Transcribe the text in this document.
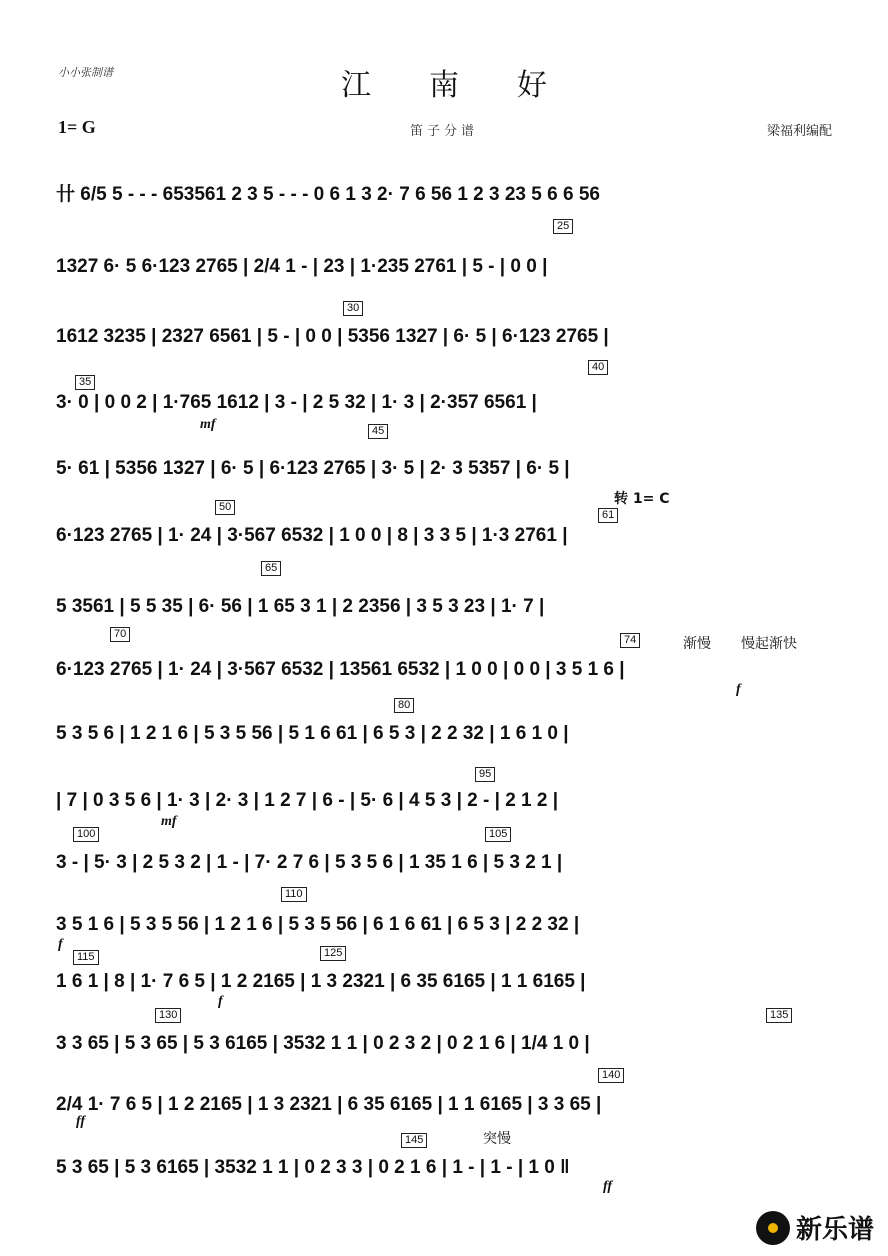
小小张制谱	江南好
1= G	笛子分谱	梁福利编配
卄 6/5 5 - - - 653561 2 3 5 - - - 0 6 1 3 2· 7 6 56 1 2 3 23 5 6 6 56
1327 6· 5 6·123 2765 | 2/4 1 - | 23 | 1·235 2761 | 5 - | 0 0 |
1612 3235 | 2327 6561 | 5 - | 0 0 | 5356 1327 | 6· 5 | 6·123 2765 |
3· 0 | 0 0 2 | 1·765 1612 | 3 - | 2 5 32 | 1· 3 | 2·357 6561 |
5· 61 | 5356 1327 | 6· 5 | 6·123 2765 | 3· 5 | 2· 3 5357 | 6· 5 |
6·123 2765 | 1· 24 | 3·567 6532 | 1 0 0 | 8 | 3 3 5 | 1·3 2761 |
5 3561 | 5 5 35 | 6· 56 | 1 65 3 1 | 2 2356 | 3 5 3 23 | 1· 7 |
6·123 2765 | 1· 24 | 3·567 6532 | 13561 6532 | 1 0 0 | 0 0 | 3 5 1 6 |
5 3 5 6 | 1 2 1 6 | 5 3 5 56 | 5 1 6 61 | 6 5 3 | 2 2 32 | 1 6 1 0 |
| 7 | 0 3 5 6 | 1· 3 | 2· 3 | 1 2 7 | 6 - | 5· 6 | 4 5 3 | 2 - | 2 1 2 |
3 - | 5· 3 | 2 5 3 2 | 1 - | 7· 2 7 6 | 5 3 5 6 | 1 35 1 6 | 5 3 2 1 |
3 5 1 6 | 5 3 5 56 | 1 2 1 6 | 5 3 5 56 | 6 1 6 61 | 6 5 3 | 2 2 32 |
1 6 1 | 8 | 1· 7 6 5 | 1 2 2165 | 1 3 2321 | 6 35 6165 | 1 1 6165 |
3 3 65 | 5 3 65 | 5 3 6165 | 3532 1 1 | 0 2 3 2 | 0 2 1 6 | 1/4 1 0 |
2/4 1· 7 6 5 | 1 2 2165 | 1 3 2321 | 6 35 6165 | 1 1 6165 | 3 3 65 |
5 3 65 | 5 3 6165 | 3532 1 1 | 0 2 3 3 | 0 2 1 6 | 1 - | 1 - | 1 0 ‖
25
30
35
40
45
50
61
65
70	74
80
95
100	105
110
115	125
130	135
140
145
转 1= C
渐慢 慢起渐快
突慢
mf
mf
f
f
f
ff
ff
新乐谱
